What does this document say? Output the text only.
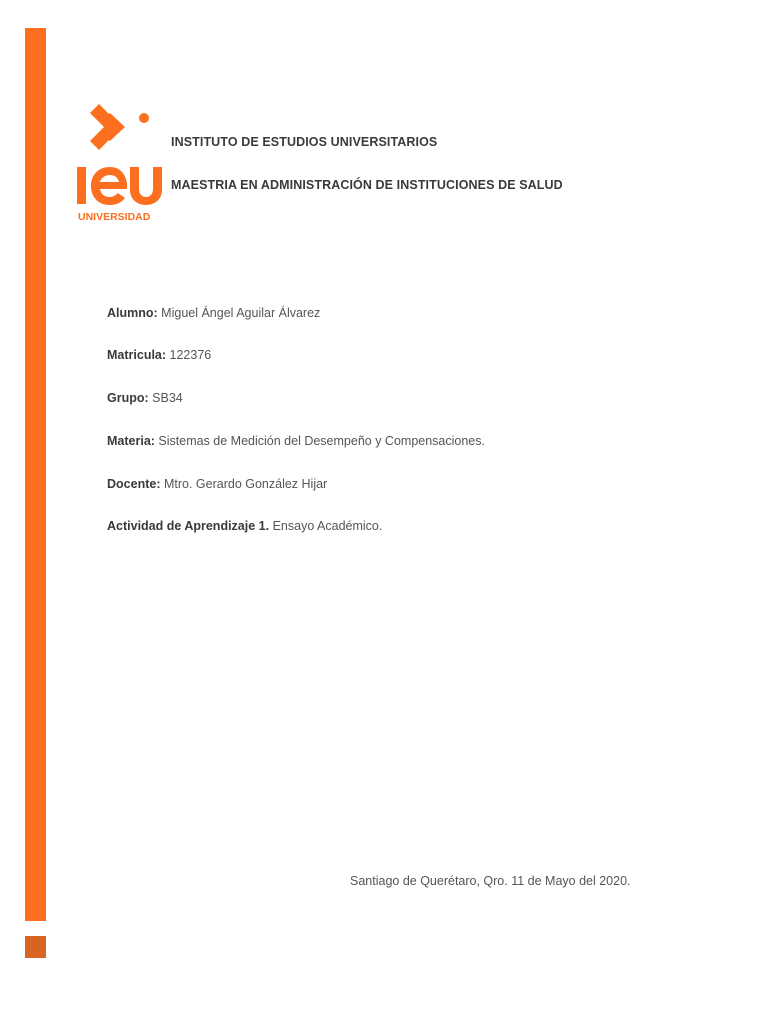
UNIVERSIDAD
INSTITUTO DE ESTUDIOS UNIVERSITARIOS
MAESTRIA EN ADMINISTRACIÓN DE INSTITUCIONES DE SALUD
Alumno: Miguel Ángel Aguilar Álvarez
Matricula: 122376
Grupo: SB34
Materia: Sistemas de Medición del Desempeño y Compensaciones.
Docente: Mtro. Gerardo González Hijar
Actividad de Aprendizaje 1. Ensayo Académico.
Santiago de Querétaro, Qro. 11 de Mayo del 2020.
